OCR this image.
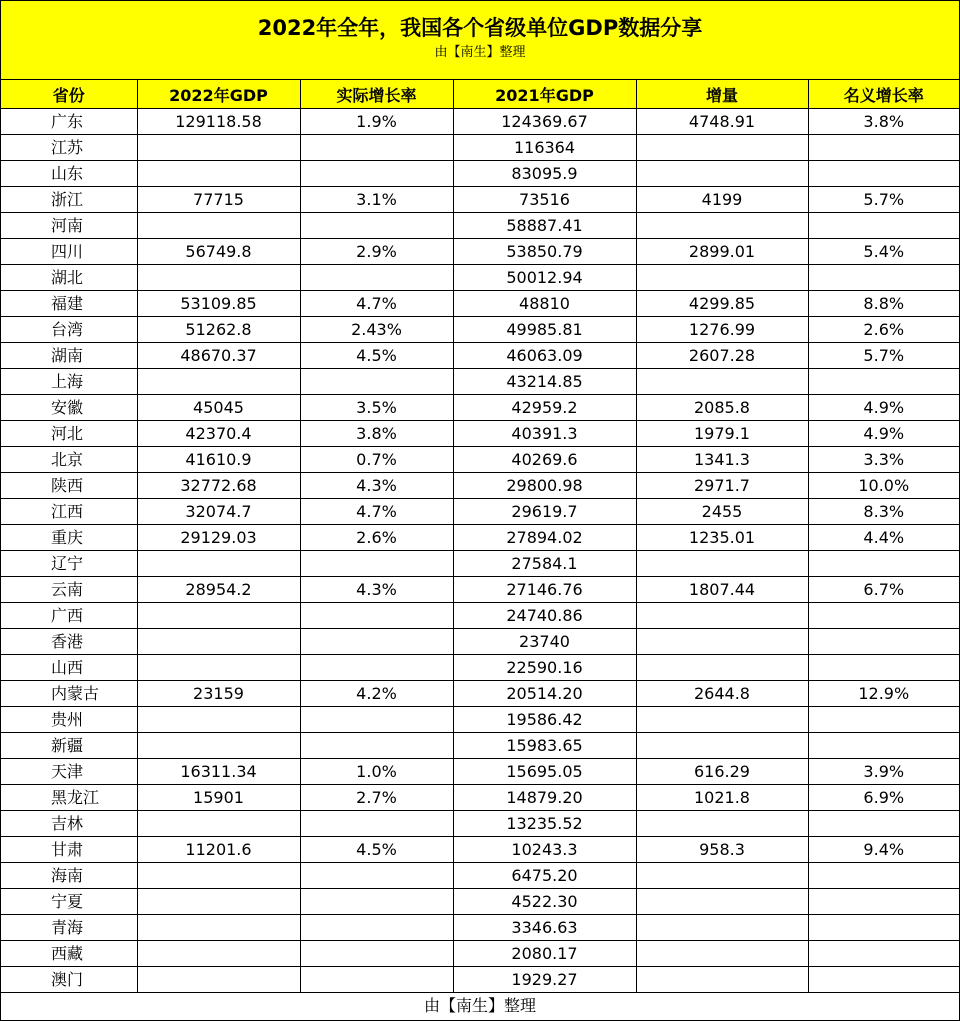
2022年全年，我国各个省级单位GDP数据分享
由【南生】整理
省份	2022年GDP	实际增长率	2021年GDP	增量	名义增长率
广东	129118.58	1.9%	124369.67	4748.91	3.8%
江苏			116364		
山东			83095.9		
浙江	77715	3.1%	73516	4199	5.7%
河南			58887.41		
四川	56749.8	2.9%	53850.79	2899.01	5.4%
湖北			50012.94		
福建	53109.85	4.7%	48810	4299.85	8.8%
台湾	51262.8	2.43%	49985.81	1276.99	2.6%
湖南	48670.37	4.5%	46063.09	2607.28	5.7%
上海			43214.85		
安徽	45045	3.5%	42959.2	2085.8	4.9%
河北	42370.4	3.8%	40391.3	1979.1	4.9%
北京	41610.9	0.7%	40269.6	1341.3	3.3%
陕西	32772.68	4.3%	29800.98	2971.7	10.0%
江西	32074.7	4.7%	29619.7	2455	8.3%
重庆	29129.03	2.6%	27894.02	1235.01	4.4%
辽宁			27584.1		
云南	28954.2	4.3%	27146.76	1807.44	6.7%
广西			24740.86		
香港			23740		
山西			22590.16		
内蒙古	23159	4.2%	20514.20	2644.8	12.9%
贵州			19586.42		
新疆			15983.65		
天津	16311.34	1.0%	15695.05	616.29	3.9%
黑龙江	15901	2.7%	14879.20	1021.8	6.9%
吉林			13235.52		
甘肃	11201.6	4.5%	10243.3	958.3	9.4%
海南			6475.20		
宁夏			4522.30		
青海			3346.63		
西藏			2080.17		
澳门			1929.27		
由【南生】整理
